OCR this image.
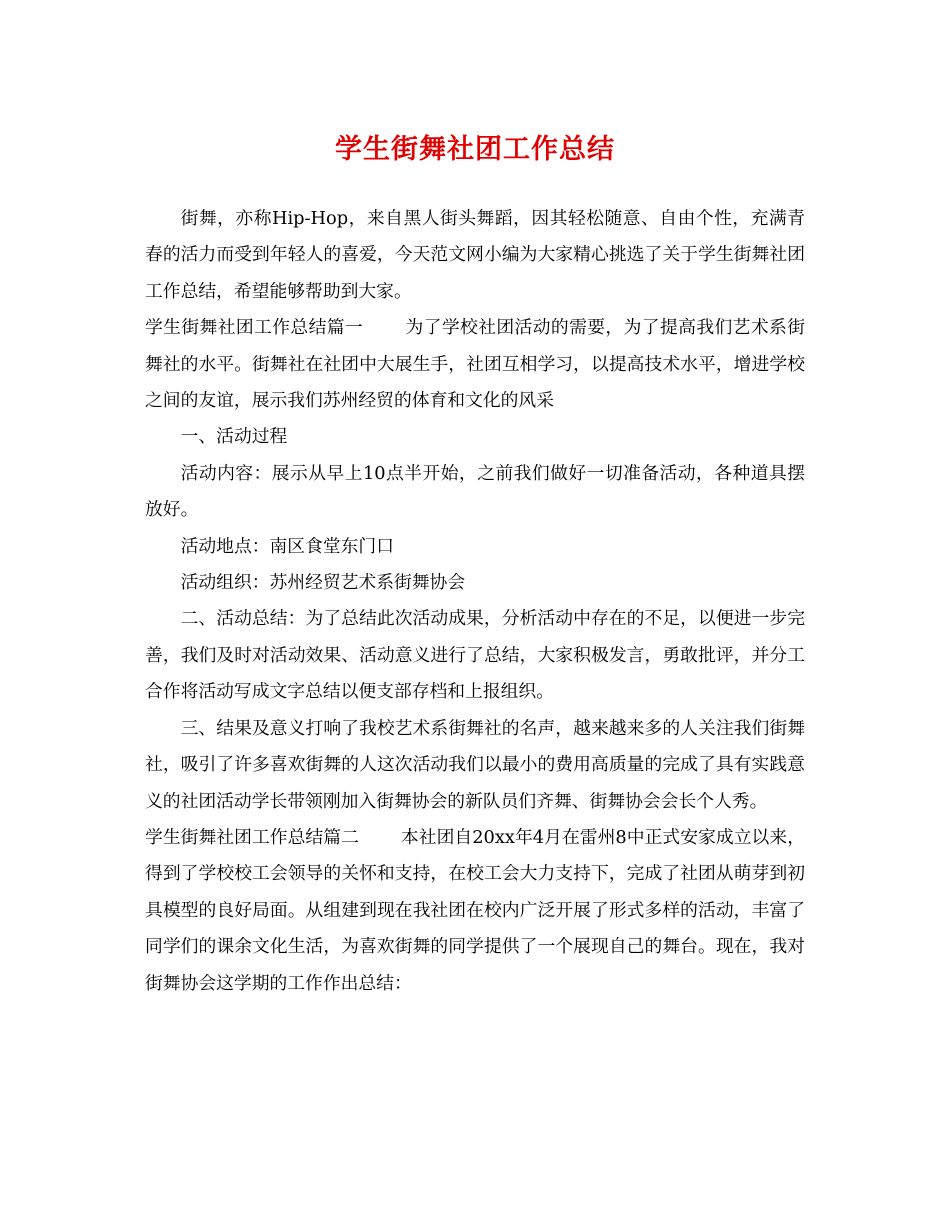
学生街舞社团工作总结

街舞，亦称Hip-Hop，来自黑人街头舞蹈，因其轻松随意、自由个性，充满青春的活力而受到年轻人的喜爱，今天范文网小编为大家精心挑选了关于学生街舞社团工作总结，希望能够帮助到大家。

学生街舞社团工作总结篇一 为了学校社团活动的需要，为了提高我们艺术系街舞社的水平。街舞社在社团中大展生手，社团互相学习，以提高技术水平，增进学校之间的友谊，展示我们苏州经贸的体育和文化的风采

一、活动过程

活动内容：展示从早上10点半开始，之前我们做好一切准备活动，各种道具摆放好。

活动地点：南区食堂东门口

活动组织：苏州经贸艺术系街舞协会

二、活动总结：为了总结此次活动成果，分析活动中存在的不足，以便进一步完善，我们及时对活动效果、活动意义进行了总结，大家积极发言，勇敢批评，并分工合作将活动写成文字总结以便支部存档和上报组织。

三、结果及意义打响了我校艺术系街舞社的名声，越来越来多的人关注我们街舞社，吸引了许多喜欢街舞的人这次活动我们以最小的费用高质量的完成了具有实践意义的社团活动学长带领刚加入街舞协会的新队员们齐舞、街舞协会会长个人秀。

学生街舞社团工作总结篇二 本社团自20xx年4月在雷州8中正式安家成立以来，得到了学校校工会领导的关怀和支持，在校工会大力支持下，完成了社团从萌芽到初具模型的良好局面。从组建到现在我社团在校内广泛开展了形式多样的活动，丰富了同学们的课余文化生活，为喜欢街舞的同学提供了一个展现自己的舞台。现在，我对街舞协会这学期的工作作出总结：
